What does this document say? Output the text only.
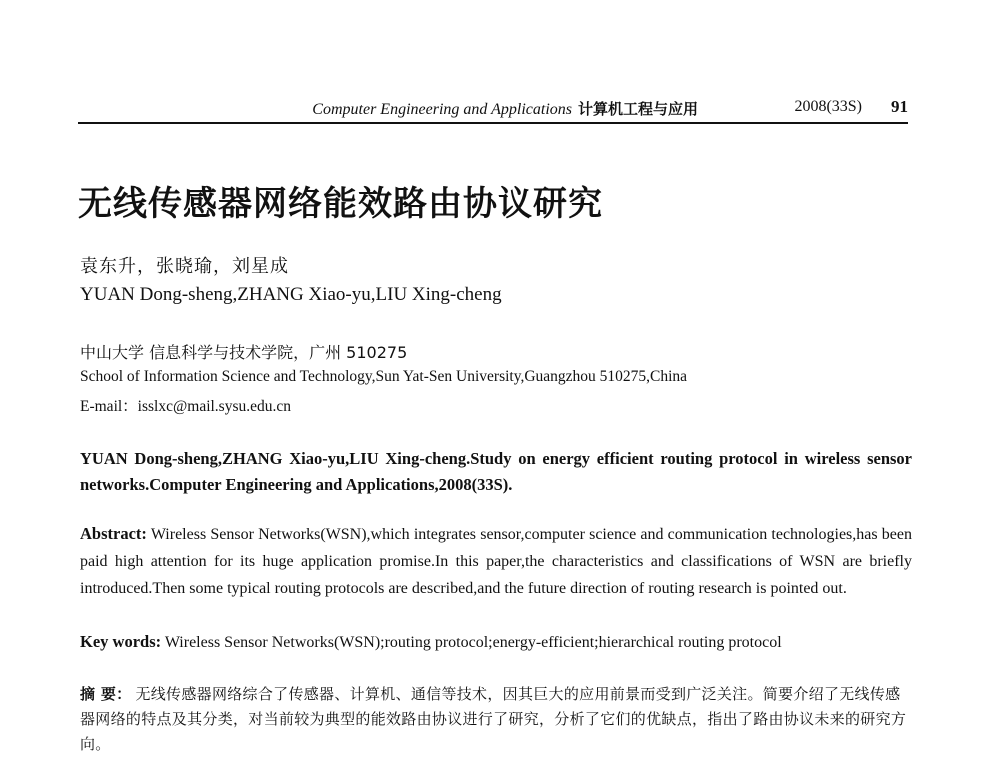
Computer Engineering and Applications 计算机工程与应用	2008(33S) 91
无线传感器网络能效路由协议研究
袁东升，张晓瑜，刘星成
YUAN Dong-sheng,ZHANG Xiao-yu,LIU Xing-cheng
中山大学 信息科学与技术学院，广州 510275
School of Information Science and Technology,Sun Yat-Sen University,Guangzhou 510275,China
E-mail：isslxc@mail.sysu.edu.cn
YUAN Dong-sheng,ZHANG Xiao-yu,LIU Xing-cheng.Study on energy efficient routing protocol in wireless sensor networks.Computer Engineering and Applications,2008(33S).
Abstract: Wireless Sensor Networks(WSN),which integrates sensor,computer science and communication technologies,has been paid high attention for its huge application promise.In this paper,the characteristics and classifications of WSN are briefly introduced.Then some typical routing protocols are described,and the future direction of routing research is pointed out.
Key words: Wireless Sensor Networks(WSN);routing protocol;energy-efficient;hierarchical routing protocol
摘 要： 无线传感器网络综合了传感器、计算机、通信等技术，因其巨大的应用前景而受到广泛关注。简要介绍了无线传感器网络的特点及其分类，对当前较为典型的能效路由协议进行了研究，分析了它们的优缺点，指出了路由协议未来的研究方向。
